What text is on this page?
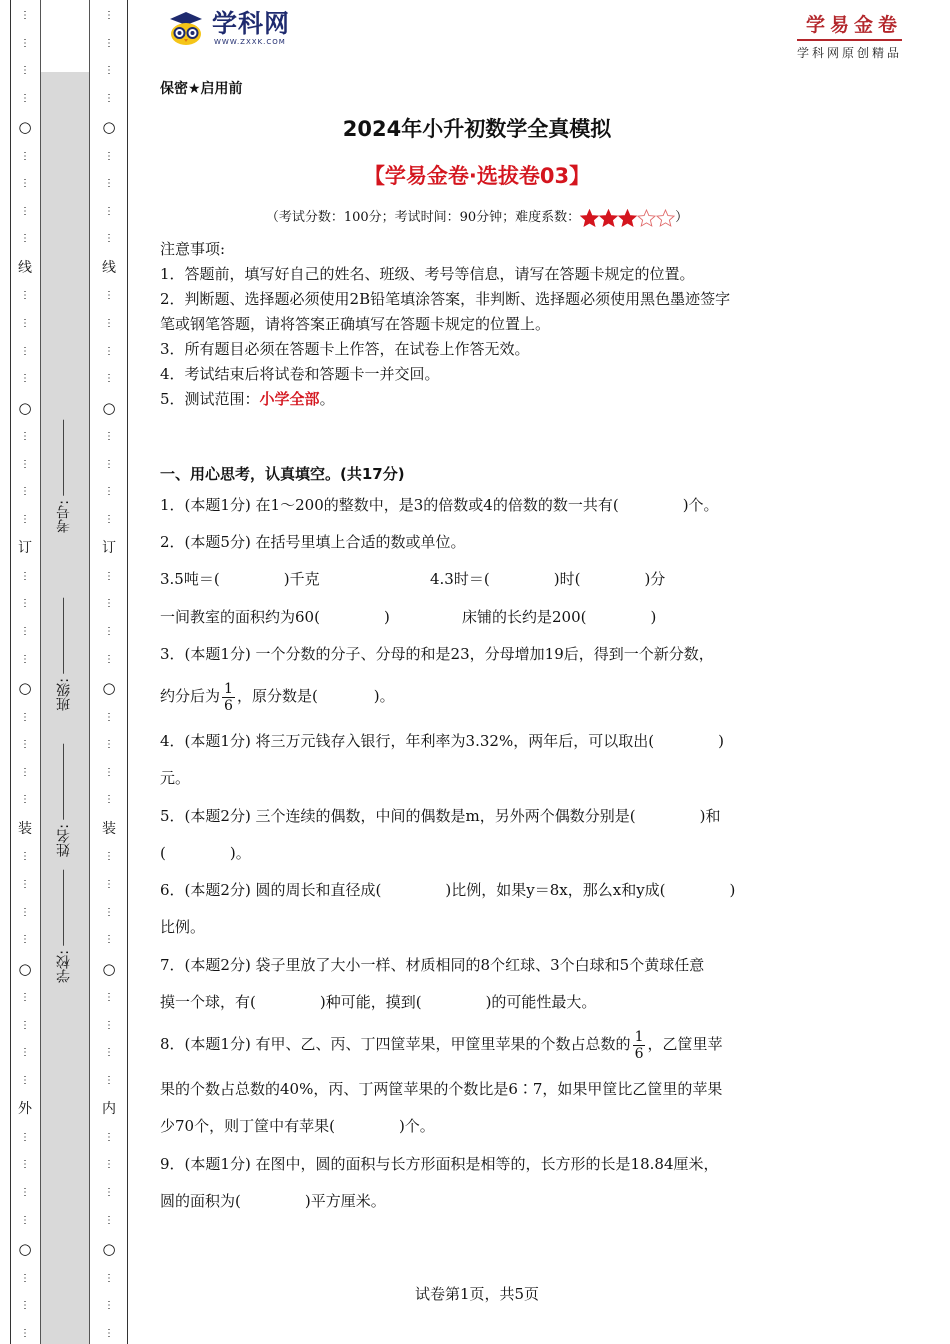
⋮
⋮
⋮
⋮
○
⋮
⋮
⋮
⋮
线
⋮
⋮
⋮
⋮
○
⋮
⋮
⋮
⋮
订
⋮
⋮
⋮
⋮
○
⋮
⋮
⋮
⋮
装
⋮
⋮
⋮
⋮
○
⋮
⋮
⋮
⋮
外
⋮
⋮
⋮
⋮
○
⋮
⋮
⋮
⋮
⋮
⋮
⋮
○
⋮
⋮
⋮
⋮
线
⋮
⋮
⋮
⋮
○
⋮
⋮
⋮
⋮
订
⋮
⋮
⋮
⋮
○
⋮
⋮
⋮
⋮
装
⋮
⋮
⋮
⋮
○
⋮
⋮
⋮
⋮
内
⋮
⋮
⋮
⋮
○
⋮
⋮
⋮
考号:
班级:
姓名:
学校:
学科网
WWW.ZXXK.COM
学易金卷
学科网原创精品
保密★启用前
2024年小升初数学全真模拟
【学易金卷·选拔卷03】
（考试分数：100分；考试时间：90分钟；难度系数：	）
注意事项:
1．答题前，填写好自己的姓名、班级、考号等信息，请写在答题卡规定的位置。
2．判断题、选择题必须使用2B铅笔填涂答案，非判断、选择题必须使用黑色墨迹签字
笔或钢笔答题，请将答案正确填写在答题卡规定的位置上。
3．所有题目必须在答题卡上作答，在试卷上作答无效。
4．考试结束后将试卷和答题卡一并交回。
5．测试范围：小学全部。
一、用心思考，认真填空。(共17分)
1．(本题1分) 在1～200的整数中，是3的倍数或4的倍数的数一共有(	)个。
2．(本题5分) 在括号里填上合适的数或单位。
3.5吨＝(	)千克	4.3时＝(	)时(	)分
一间教室的面积约为60(	)	床铺的长约是200(	)
3．(本题1分) 一个分数的分子、分母的和是23，分母增加19后，得到一个新分数，
约分后为 $\frac{1}{6}$ ，原分数是(	)。
4．(本题1分) 将三万元钱存入银行，年利率为3.32%，两年后，可以取出(	)
元。
5．(本题2分) 三个连续的偶数，中间的偶数是m，另外两个偶数分别是(	)和
(	)。
6．(本题2分) 圆的周长和直径成(	)比例，如果y＝8x，那么x和y成(	)
比例。
7．(本题2分) 袋子里放了大小一样、材质相同的8个红球、3个白球和5个黄球任意
摸一个球，有(	)种可能，摸到(	)的可能性最大。
8．(本题1分) 有甲、乙、丙、丁四筐苹果，甲筐里苹果的个数占总数的 $\frac{1}{6}$ ，乙筐里苹
果的个数占总数的40%，丙、丁两筐苹果的个数比是6∶7，如果甲筐比乙筐里的苹果
少70个，则丁筐中有苹果(	)个。
9．(本题1分) 在图中，圆的面积与长方形面积是相等的，长方形的长是18.84厘米，
圆的面积为(	)平方厘米。
试卷第1页，共5页
